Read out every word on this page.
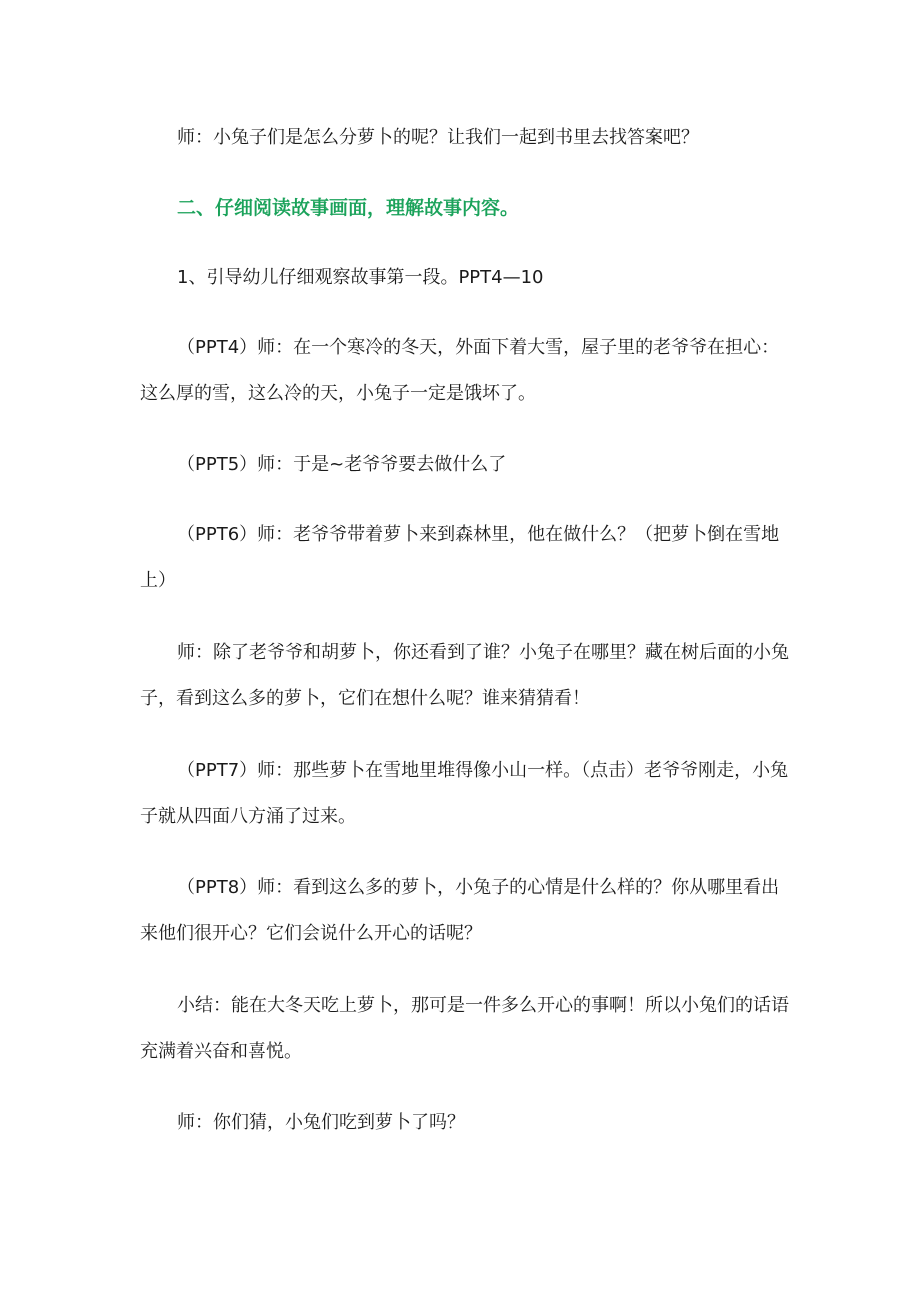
师：小兔子们是怎么分萝卜的呢？让我们一起到书里去找答案吧？

二、仔细阅读故事画面，理解故事内容。

1、引导幼儿仔细观察故事第一段。PPT4—10

（PPT4）师：在一个寒冷的冬天，外面下着大雪，屋子里的老爷爷在担心：这么厚的雪，这么冷的天，小兔子一定是饿坏了。

（PPT5）师：于是~老爷爷要去做什么了

（PPT6）师：老爷爷带着萝卜来到森林里，他在做什么？（把萝卜倒在雪地上）

师：除了老爷爷和胡萝卜，你还看到了谁？小兔子在哪里？藏在树后面的小兔子，看到这么多的萝卜，它们在想什么呢？谁来猜猜看！

（PPT7）师：那些萝卜在雪地里堆得像小山一样。（点击）老爷爷刚走，小兔子就从四面八方涌了过来。

（PPT8）师：看到这么多的萝卜，小兔子的心情是什么样的？你从哪里看出来他们很开心？它们会说什么开心的话呢？

小结：能在大冬天吃上萝卜，那可是一件多么开心的事啊！所以小兔们的话语充满着兴奋和喜悦。

师：你们猜，小兔们吃到萝卜了吗？
